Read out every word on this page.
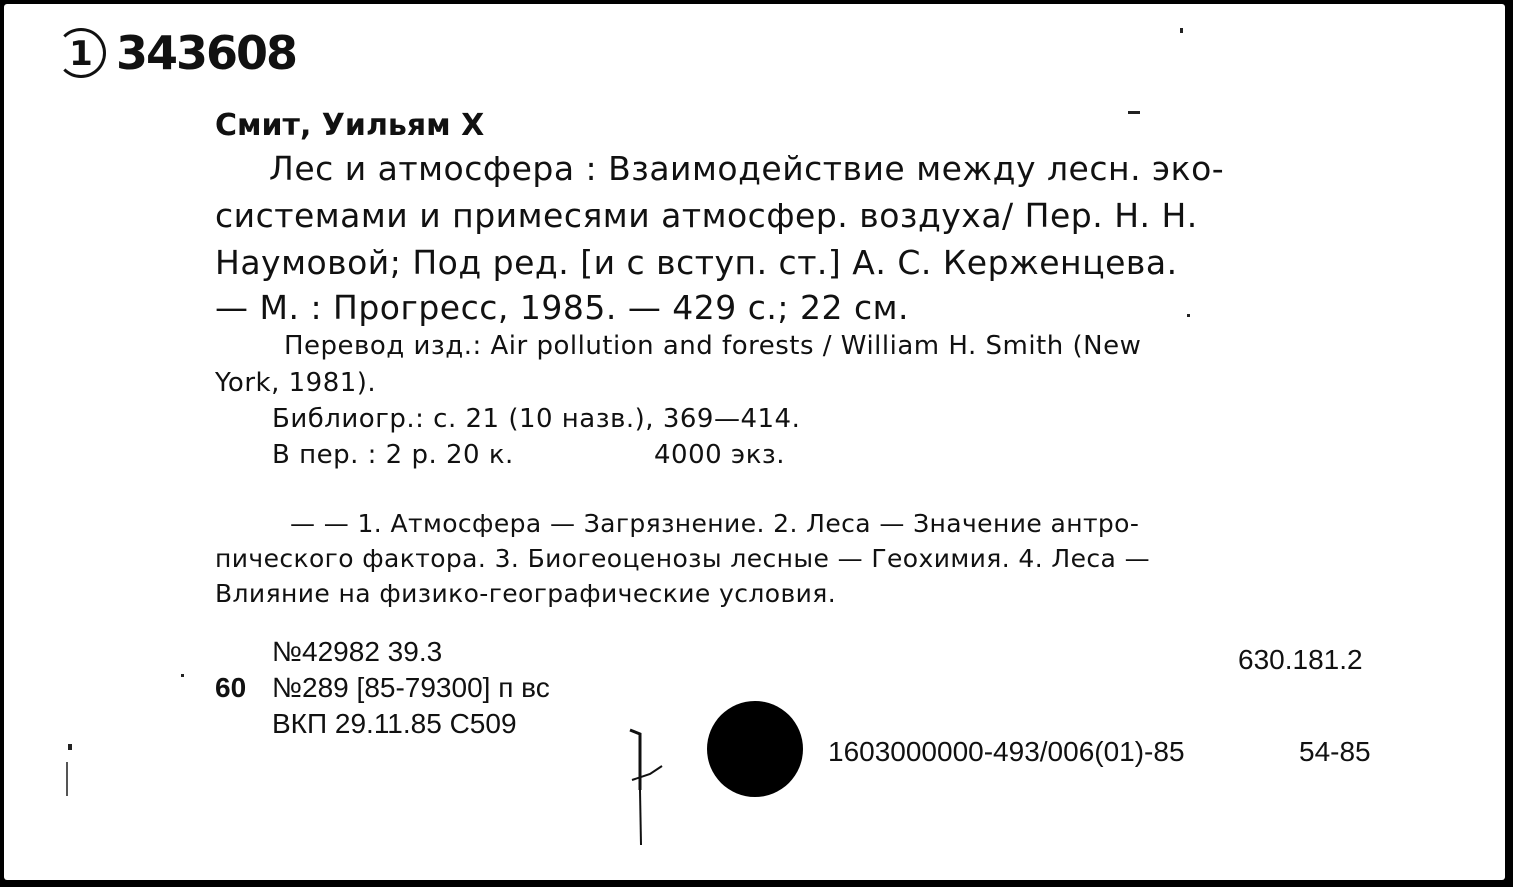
1 343608
Смит, Уильям Х
Лес и атмосфера : Взаимодействие между лесн. эко-
системами и примесями атмосфер. воздуха/ Пер. Н. Н.
Наумовой; Под ред. [и с вступ. ст.] А. С. Керженцева.
— М. : Прогресс, 1985. — 429 с.; 22 см.
Перевод изд.: Air pollution and forests / William H. Smith (New
York, 1981).
Библиогр.: с. 21 (10 назв.), 369—414.
В пер. : 2 р. 20 к.	4000 экз.
— — 1. Атмосфера — Загрязнение. 2. Леса — Значение антро-
пического фактора. 3. Биогеоценозы лесные — Геохимия. 4. Леса —
Влияние на физико-географические условия.
№42982 39.3
60 №289 [85-79300] п вс
ВКП 29.11.85 С509
630.181.2
1603000000-493/006(01)-85	54-85
